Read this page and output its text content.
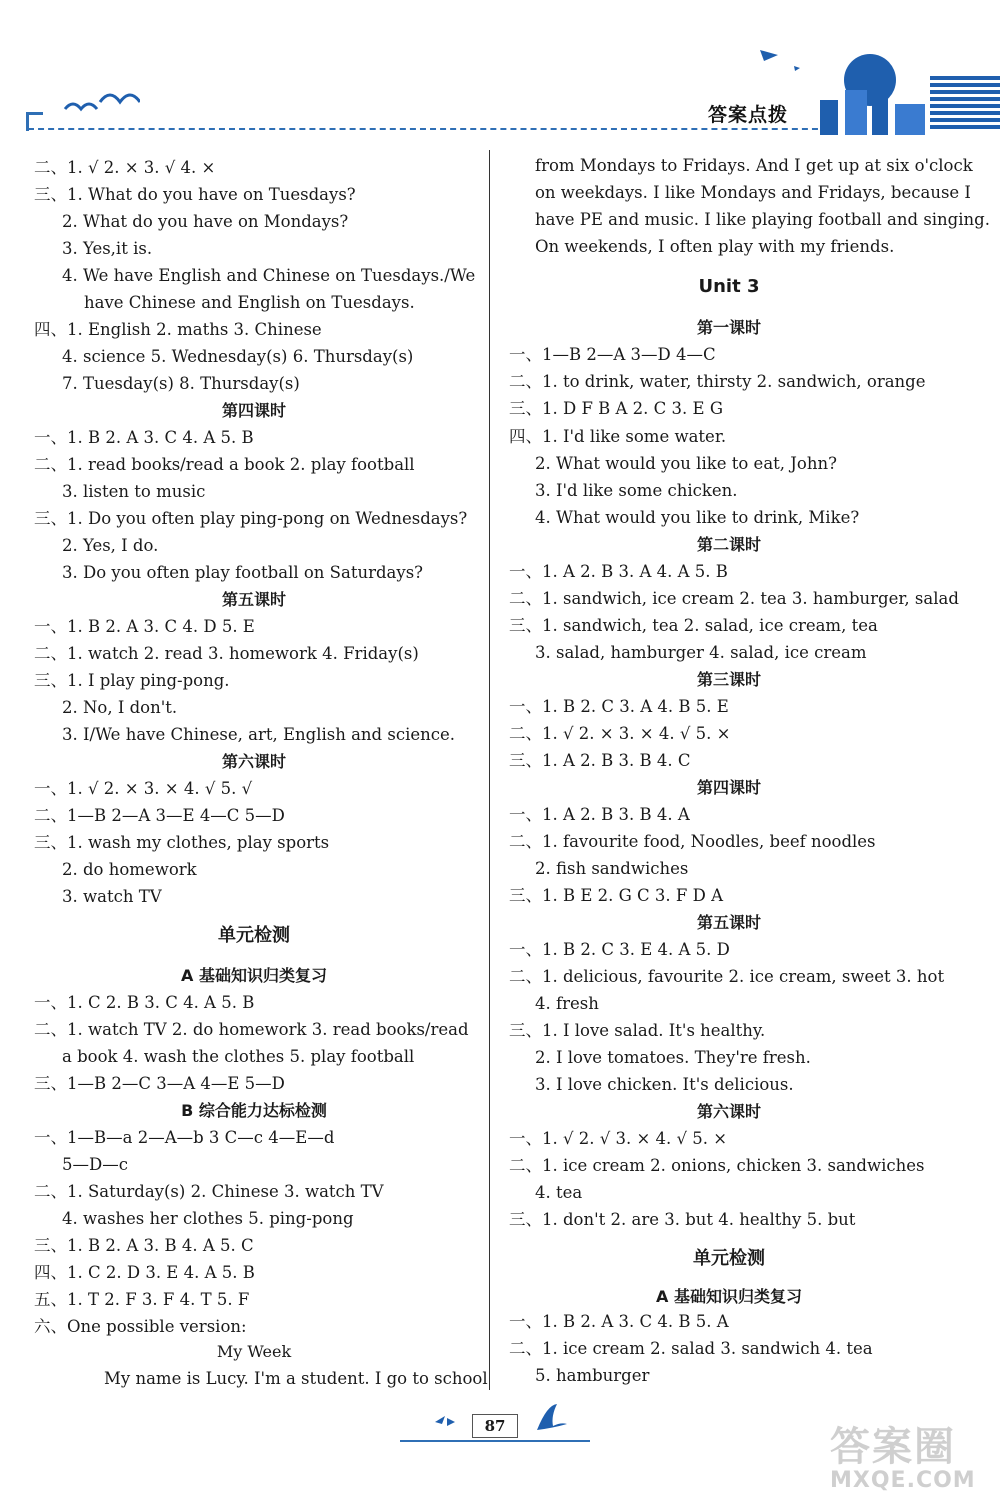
答案点拨
二、1. √ 2. × 3. √ 4. ×
三、1. What do you have on Tuesdays?
2. What do you have on Mondays?
3. Yes,it is.
4. We have English and Chinese on Tuesdays./We
have Chinese and English on Tuesdays.
四、1. English 2. maths 3. Chinese
4. science 5. Wednesday(s) 6. Thursday(s)
7. Tuesday(s) 8. Thursday(s)
第四课时
一、1. B 2. A 3. C 4. A 5. B
二、1. read books/read a book 2. play football
3. listen to music
三、1. Do you often play ping-pong on Wednesdays?
2. Yes, I do.
3. Do you often play football on Saturdays?
第五课时
一、1. B 2. A 3. C 4. D 5. E
二、1. watch 2. read 3. homework 4. Friday(s)
三、1. I play ping-pong.
2. No, I don't.
3. I/We have Chinese, art, English and science.
第六课时
一、1. √ 2. × 3. × 4. √ 5. √
二、1—B 2—A 3—E 4—C 5—D
三、1. wash my clothes, play sports
2. do homework
3. watch TV
单元检测
A 基础知识归类复习
一、1. C 2. B 3. C 4. A 5. B
二、1. watch TV 2. do homework 3. read books/read
a book 4. wash the clothes 5. play football
三、1—B 2—C 3—A 4—E 5—D
B 综合能力达标检测
一、1—B—a 2—A—b 3 C—c 4—E—d
5—D—c
二、1. Saturday(s) 2. Chinese 3. watch TV
4. washes her clothes 5. ping-pong
三、1. B 2. A 3. B 4. A 5. C
四、1. C 2. D 3. E 4. A 5. B
五、1. T 2. F 3. F 4. T 5. F
六、One possible version:
My Week
My name is Lucy. I'm a student. I go to school
from Mondays to Fridays. And I get up at six o'clock
on weekdays. I like Mondays and Fridays, because I
have PE and music. I like playing football and singing.
On weekends, I often play with my friends.
Unit 3
第一课时
一、1—B 2—A 3—D 4—C
二、1. to drink, water, thirsty 2. sandwich, orange
三、1. D F B A 2. C 3. E G
四、1. I'd like some water.
2. What would you like to eat, John?
3. I'd like some chicken.
4. What would you like to drink, Mike?
第二课时
一、1. A 2. B 3. A 4. A 5. B
二、1. sandwich, ice cream 2. tea 3. hamburger, salad
三、1. sandwich, tea 2. salad, ice cream, tea
3. salad, hamburger 4. salad, ice cream
第三课时
一、1. B 2. C 3. A 4. B 5. E
二、1. √ 2. × 3. × 4. √ 5. ×
三、1. A 2. B 3. B 4. C
第四课时
一、1. A 2. B 3. B 4. A
二、1. favourite food, Noodles, beef noodles
2. fish sandwiches
三、1. B E 2. G C 3. F D A
第五课时
一、1. B 2. C 3. E 4. A 5. D
二、1. delicious, favourite 2. ice cream, sweet 3. hot
4. fresh
三、1. I love salad. It's healthy.
2. I love tomatoes. They're fresh.
3. I love chicken. It's delicious.
第六课时
一、1. √ 2. √ 3. × 4. √ 5. ×
二、1. ice cream 2. onions, chicken 3. sandwiches
4. tea
三、1. don't 2. are 3. but 4. healthy 5. but
单元检测
A 基础知识归类复习
一、1. B 2. A 3. C 4. B 5. A
二、1. ice cream 2. salad 3. sandwich 4. tea
5. hamburger
87	答案圈
MXQE.COM
